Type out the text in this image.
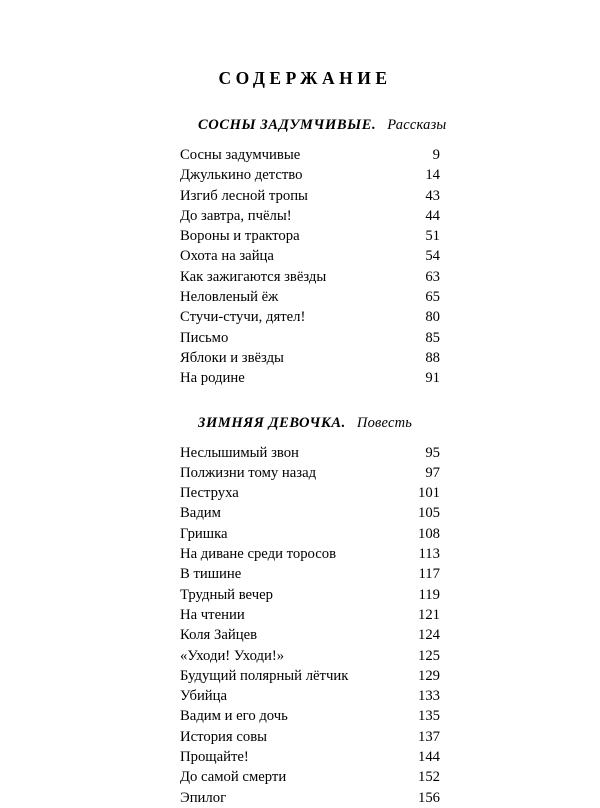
СОДЕРЖАНИЕ
СОСНЫ ЗАДУМЧИВЫЕ. Рассказы
Сосны задумчивые	9
Джулькино детство	14
Изгиб лесной тропы	43
До завтра, пчёлы!	44
Вороны и трактора	51
Охота на зайца	54
Как зажигаются звёзды	63
Неловленый ёж	65
Стучи-стучи, дятел!	80
Письмо	85
Яблоки и звёзды	88
На родине	91
ЗИМНЯЯ ДЕВОЧКА. Повесть
Неслышимый звон	95
Полжизни тому назад	97
Пеструха	101
Вадим	105
Гришка	108
На диване среди торосов	113
В тишине	117
Трудный вечер	119
На чтении	121
Коля Зайцев	124
«Уходи! Уходи!»	125
Будущий полярный лётчик	129
Убийца	133
Вадим и его дочь	135
История совы	137
Прощайте!	144
До самой смерти	152
Эпилог	156
